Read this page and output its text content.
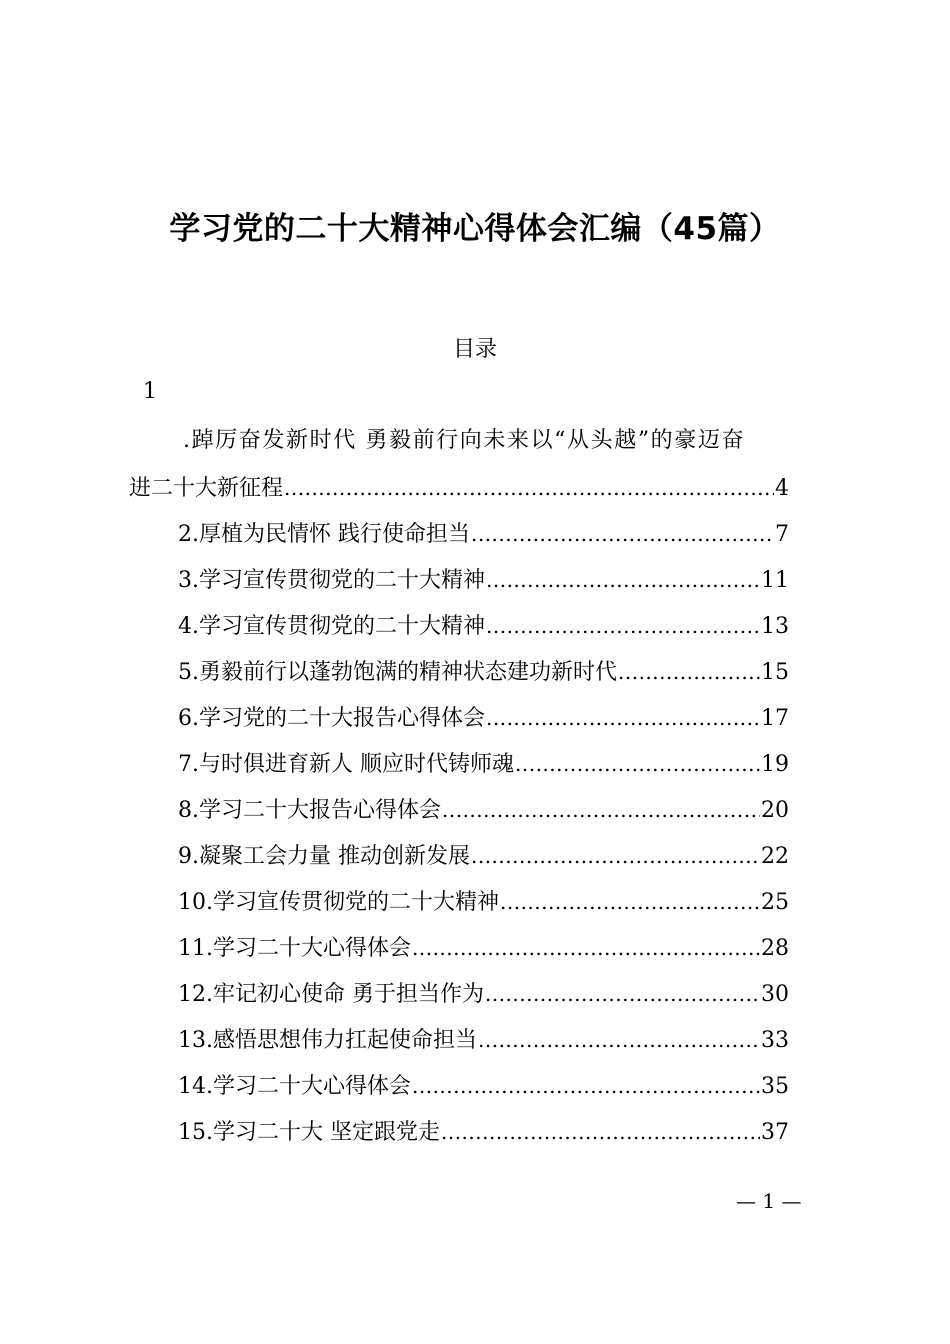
学习党的二十大精神心得体会汇编（45篇）
目录
1
.踔厉奋发新时代 勇毅前行向未来以“从头越”的豪迈奋
进二十大新征程 .....	4
2.厚植为民情怀 践行使命担当 .....	7
3.学习宣传贯彻党的二十大精神 .....	11
4.学习宣传贯彻党的二十大精神 .....	13
5.勇毅前行以蓬勃饱满的精神状态建功新时代 .....	15
6.学习党的二十大报告心得体会 .....	17
7.与时俱进育新人 顺应时代铸师魂 .....	19
8.学习二十大报告心得体会 .....	20
9.凝聚工会力量 推动创新发展 .....	22
10.学习宣传贯彻党的二十大精神 .....	25
11.学习二十大心得体会 .....	28
12.牢记初心使命 勇于担当作为 .....	30
13.感悟思想伟力扛起使命担当 .....	33
14.学习二十大心得体会 .....	35
15.学习二十大 坚定跟党走 .....	37
— 1 —
